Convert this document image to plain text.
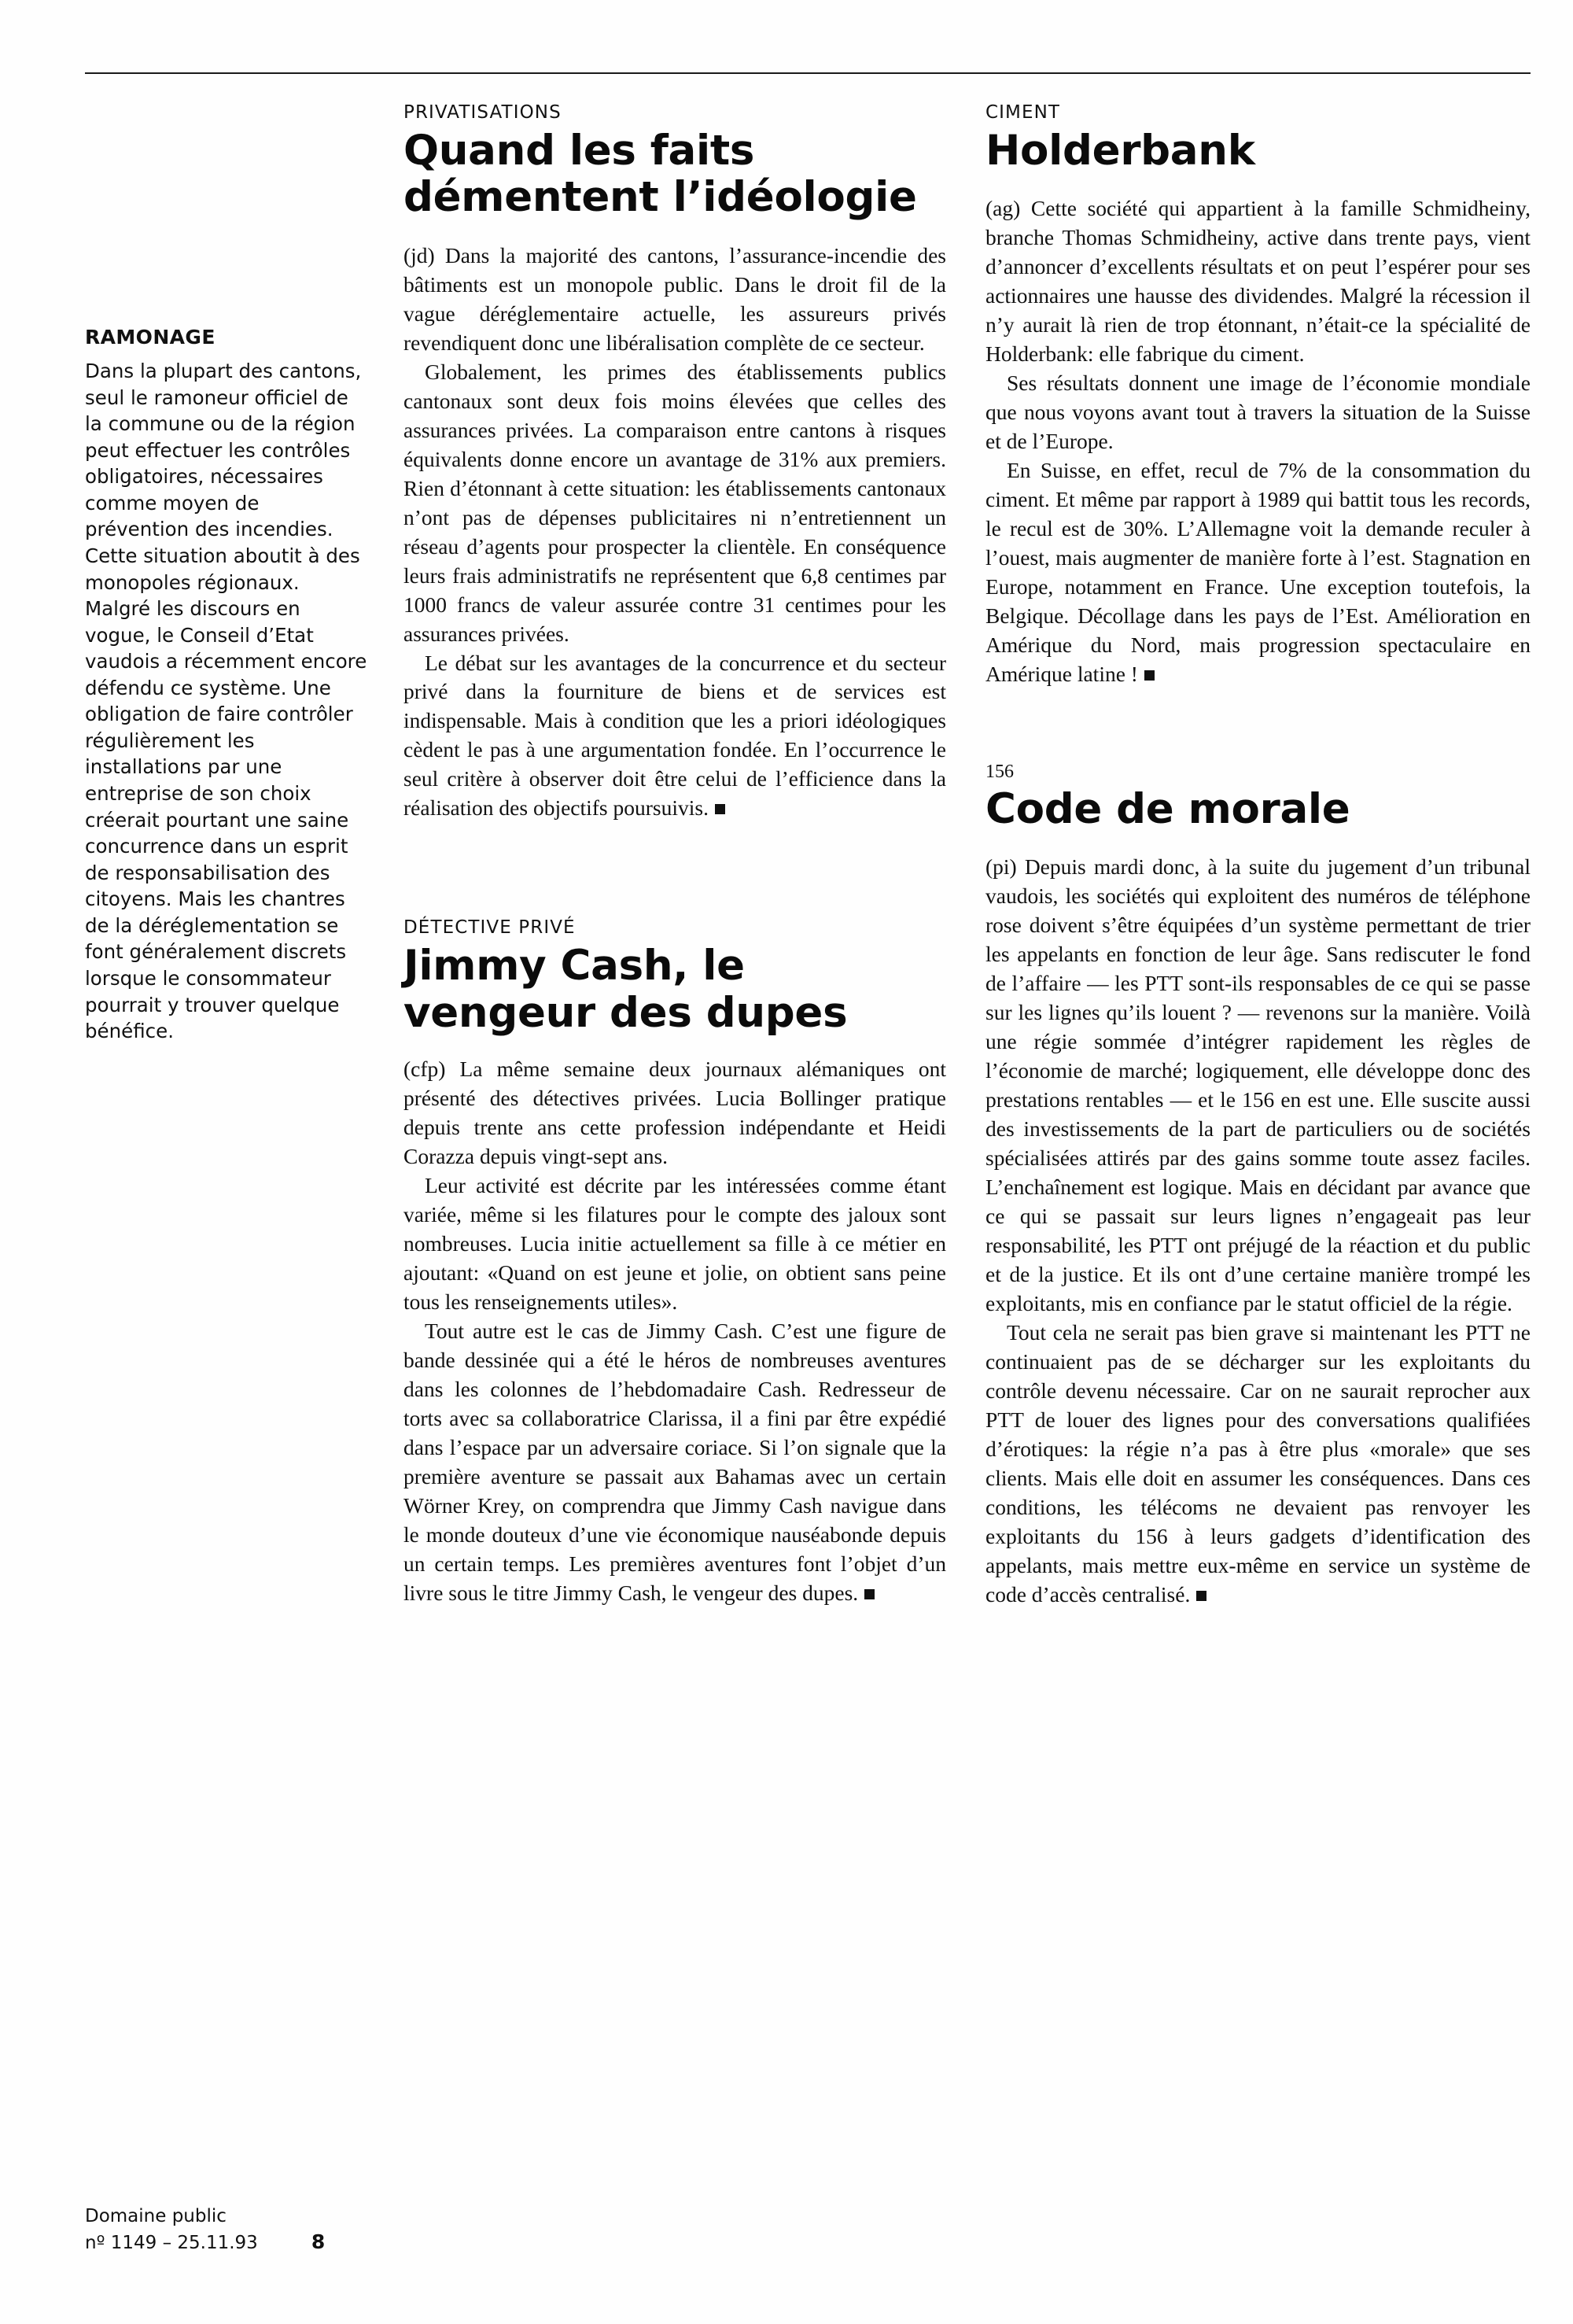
RAMONAGE
Dans la plupart des cantons, seul le ramoneur officiel de la commune ou de la région peut effectuer les contrôles obligatoires, nécessaires comme moyen de prévention des incendies. Cette situation aboutit à des monopoles régionaux. Malgré les discours en vogue, le Conseil d’Etat vaudois a récemment encore défendu ce système. Une obligation de faire contrôler régulièrement les installations par une entreprise de son choix créerait pourtant une saine concurrence dans un esprit de responsabilisation des citoyens. Mais les chantres de la déréglementation se font généralement discrets lorsque le consommateur pourrait y trouver quelque bénéfice.
PRIVATISATIONS
Quand les faits démentent l’idéologie

(jd) Dans la majorité des cantons, l’assurance-incendie des bâtiments est un monopole public. Dans le droit fil de la vague déréglementaire actuelle, les assureurs privés revendiquent donc une libéralisation complète de ce secteur.

Globalement, les primes des établissements publics cantonaux sont deux fois moins élevées que celles des assurances privées. La comparaison entre cantons à risques équivalents donne encore un avantage de 31% aux premiers. Rien d’étonnant à cette situation: les établissements cantonaux n’ont pas de dépenses publicitaires ni n’entretiennent un réseau d’agents pour prospecter la clientèle. En conséquence leurs frais administratifs ne représentent que 6,8 centimes par 1000 francs de valeur assurée contre 31 centimes pour les assurances privées.

Le débat sur les avantages de la concurrence et du secteur privé dans la fourniture de biens et de services est indispensable. Mais à condition que les a priori idéologiques cèdent le pas à une argumentation fondée. En l’occurrence le seul critère à observer doit être celui de l’efficience dans la réalisation des objectifs poursuivis.

DÉTECTIVE PRIVÉ
Jimmy Cash, le vengeur des dupes

(cfp) La même semaine deux journaux alémaniques ont présenté des détectives privées. Lucia Bollinger pratique depuis trente ans cette profession indépendante et Heidi Corazza depuis vingt-sept ans.

Leur activité est décrite par les intéressées comme étant variée, même si les filatures pour le compte des jaloux sont nombreuses. Lucia initie actuellement sa fille à ce métier en ajoutant: «Quand on est jeune et jolie, on obtient sans peine tous les renseignements utiles».

Tout autre est le cas de Jimmy Cash. C’est une figure de bande dessinée qui a été le héros de nombreuses aventures dans les colonnes de l’hebdomadaire Cash. Redresseur de torts avec sa collaboratrice Clarissa, il a fini par être expédié dans l’espace par un adversaire coriace. Si l’on signale que la première aventure se passait aux Bahamas avec un certain Wörner Krey, on comprendra que Jimmy Cash navigue dans le monde douteux d’une vie économique nauséabonde depuis un certain temps. Les premières aventures font l’objet d’un livre sous le titre Jimmy Cash, le vengeur des dupes.

CIMENT
Holderbank

(ag) Cette société qui appartient à la famille Schmidheiny, branche Thomas Schmidheiny, active dans trente pays, vient d’annoncer d’excellents résultats et on peut l’espérer pour ses actionnaires une hausse des dividendes. Malgré la récession il n’y aurait là rien de trop étonnant, n’était-ce la spécialité de Holderbank: elle fabrique du ciment.

Ses résultats donnent une image de l’économie mondiale que nous voyons avant tout à travers la situation de la Suisse et de l’Europe.

En Suisse, en effet, recul de 7% de la consommation du ciment. Et même par rapport à 1989 qui battit tous les records, le recul est de 30%. L’Allemagne voit la demande reculer à l’ouest, mais augmenter de manière forte à l’est. Stagnation en Europe, notamment en France. Une exception toutefois, la Belgique. Décollage dans les pays de l’Est. Amélioration en Amérique du Nord, mais progression spectaculaire en Amérique latine !

156
Code de morale

(pi) Depuis mardi donc, à la suite du jugement d’un tribunal vaudois, les sociétés qui exploitent des numéros de téléphone rose doivent s’être équipées d’un système permettant de trier les appelants en fonction de leur âge. Sans rediscuter le fond de l’affaire — les PTT sont-ils responsables de ce qui se passe sur les lignes qu’ils louent ? — revenons sur la manière. Voilà une régie sommée d’intégrer rapidement les règles de l’économie de marché; logiquement, elle développe donc des prestations rentables — et le 156 en est une. Elle suscite aussi des investissements de la part de particuliers ou de sociétés spécialisées attirés par des gains somme toute assez faciles. L’enchaînement est logique. Mais en décidant par avance que ce qui se passait sur leurs lignes n’engageait pas leur responsabilité, les PTT ont préjugé de la réaction et du public et de la justice. Et ils ont d’une certaine manière trompé les exploitants, mis en confiance par le statut officiel de la régie.

Tout cela ne serait pas bien grave si maintenant les PTT ne continuaient pas de se décharger sur les exploitants du contrôle devenu nécessaire. Car on ne saurait reprocher aux PTT de louer des lignes pour des conversations qualifiées d’érotiques: la régie n’a pas à être plus «morale» que ses clients. Mais elle doit en assumer les conséquences. Dans ces conditions, les télécoms ne devaient pas renvoyer les exploitants du 156 à leurs gadgets d’identification des appelants, mais mettre eux-même en service un système de code d’accès centralisé.

Domaine public
nº 1149 – 25.11.93	8
